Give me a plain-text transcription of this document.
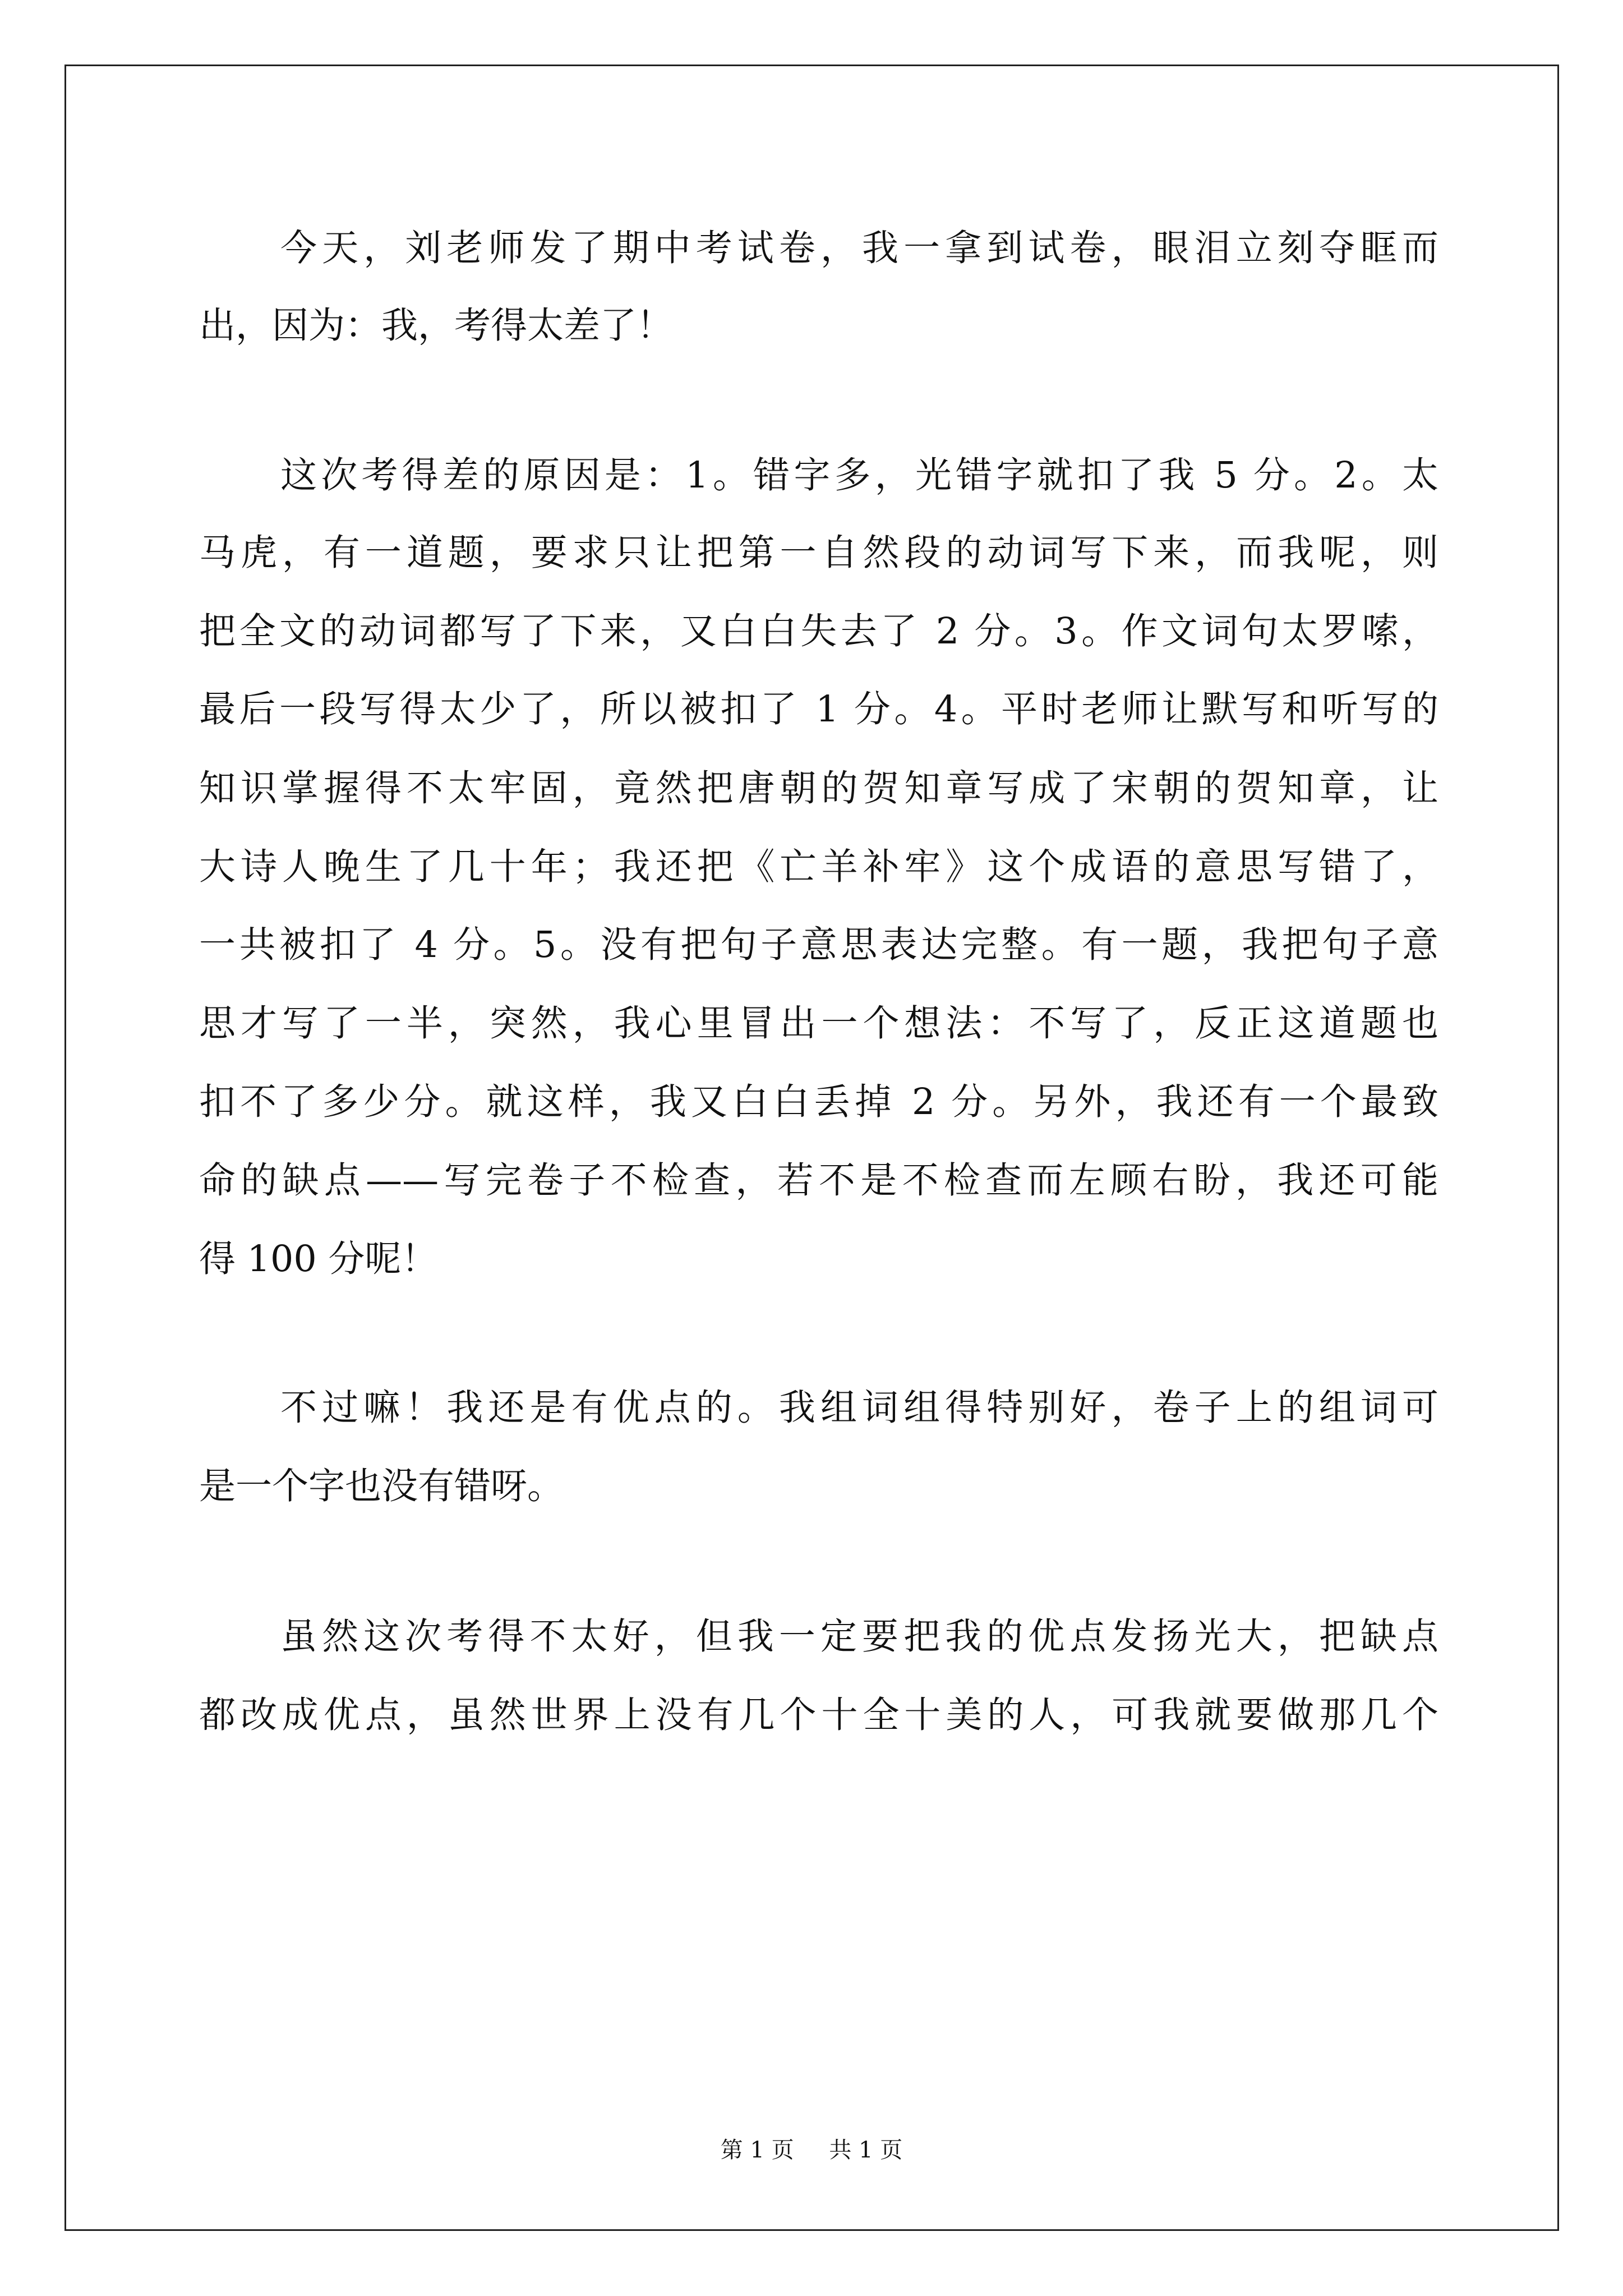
今天，刘老师发了期中考试卷，我一拿到试卷，眼泪立刻夺眶而
出，因为：我，考得太差了！
这次考得差的原因是：1。错字多，光错字就扣了我 5 分。2。太
马虎，有一道题，要求只让把第一自然段的动词写下来，而我呢，则
把全文的动词都写了下来，又白白失去了 2 分。3。作文词句太罗嗦，
最后一段写得太少了，所以被扣了 1 分。4。平时老师让默写和听写的
知识掌握得不太牢固，竟然把唐朝的贺知章写成了宋朝的贺知章，让
大诗人晚生了几十年；我还把《亡羊补牢》这个成语的意思写错了，
一共被扣了 4 分。5。没有把句子意思表达完整。有一题，我把句子意
思才写了一半，突然，我心里冒出一个想法：不写了，反正这道题也
扣不了多少分。就这样，我又白白丢掉 2 分。另外，我还有一个最致
命的缺点——写完卷子不检查，若不是不检查而左顾右盼，我还可能
得 100 分呢！
不过嘛！我还是有优点的。我组词组得特别好，卷子上的组词可
是一个字也没有错呀。
虽然这次考得不太好，但我一定要把我的优点发扬光大，把缺点
都改成优点，虽然世界上没有几个十全十美的人，可我就要做那几个
第 1 页 共 1 页
